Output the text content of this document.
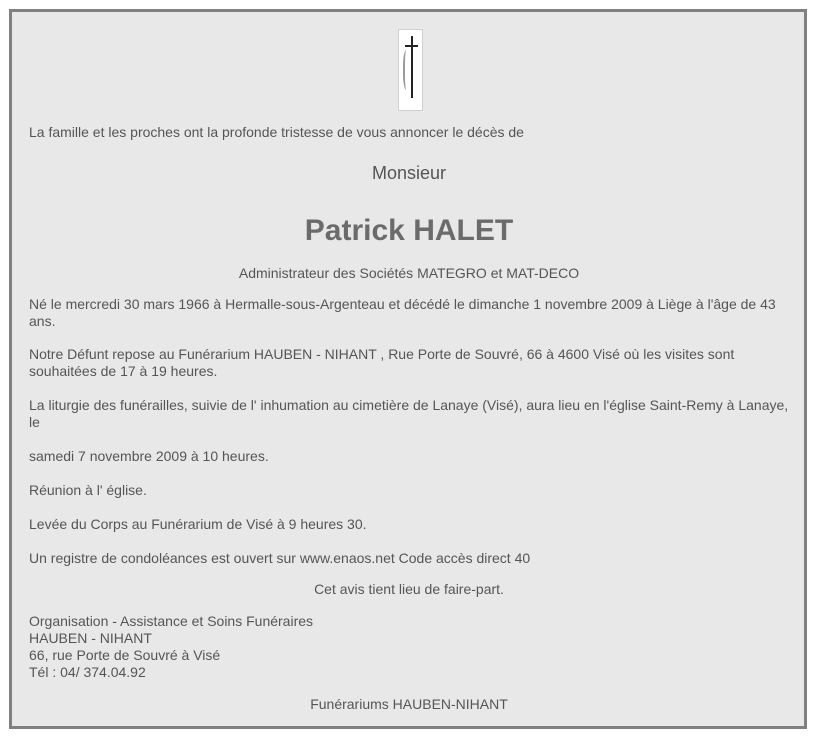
La famille et les proches ont la profonde tristesse de vous annoncer le décès de

Monsieur

Patrick HALET

Administrateur des Sociétés MATEGRO et MAT-DECO

Né le mercredi 30 mars 1966 à Hermalle-sous-Argenteau et décédé le dimanche 1 novembre 2009 à Liège à l'âge de 43 ans.

Notre Défunt repose au Funérarium HAUBEN - NIHANT , Rue Porte de Souvré, 66 à 4600 Visé où les visites sont souhaitées de 17 à 19 heures.

La liturgie des funérailles, suivie de l' inhumation au cimetière de Lanaye (Visé), aura lieu en l'église Saint-Remy à Lanaye, le

samedi 7 novembre 2009 à 10 heures.

Réunion à l' église.

Levée du Corps au Funérarium de Visé à 9 heures 30.

Un registre de condoléances est ouvert sur www.enaos.net Code accès direct 40

Cet avis tient lieu de faire-part.

Organisation - Assistance et Soins Funéraires
HAUBEN - NIHANT
66, rue Porte de Souvré à Visé
Tél : 04/ 374.04.92

Funérariums HAUBEN-NIHANT
